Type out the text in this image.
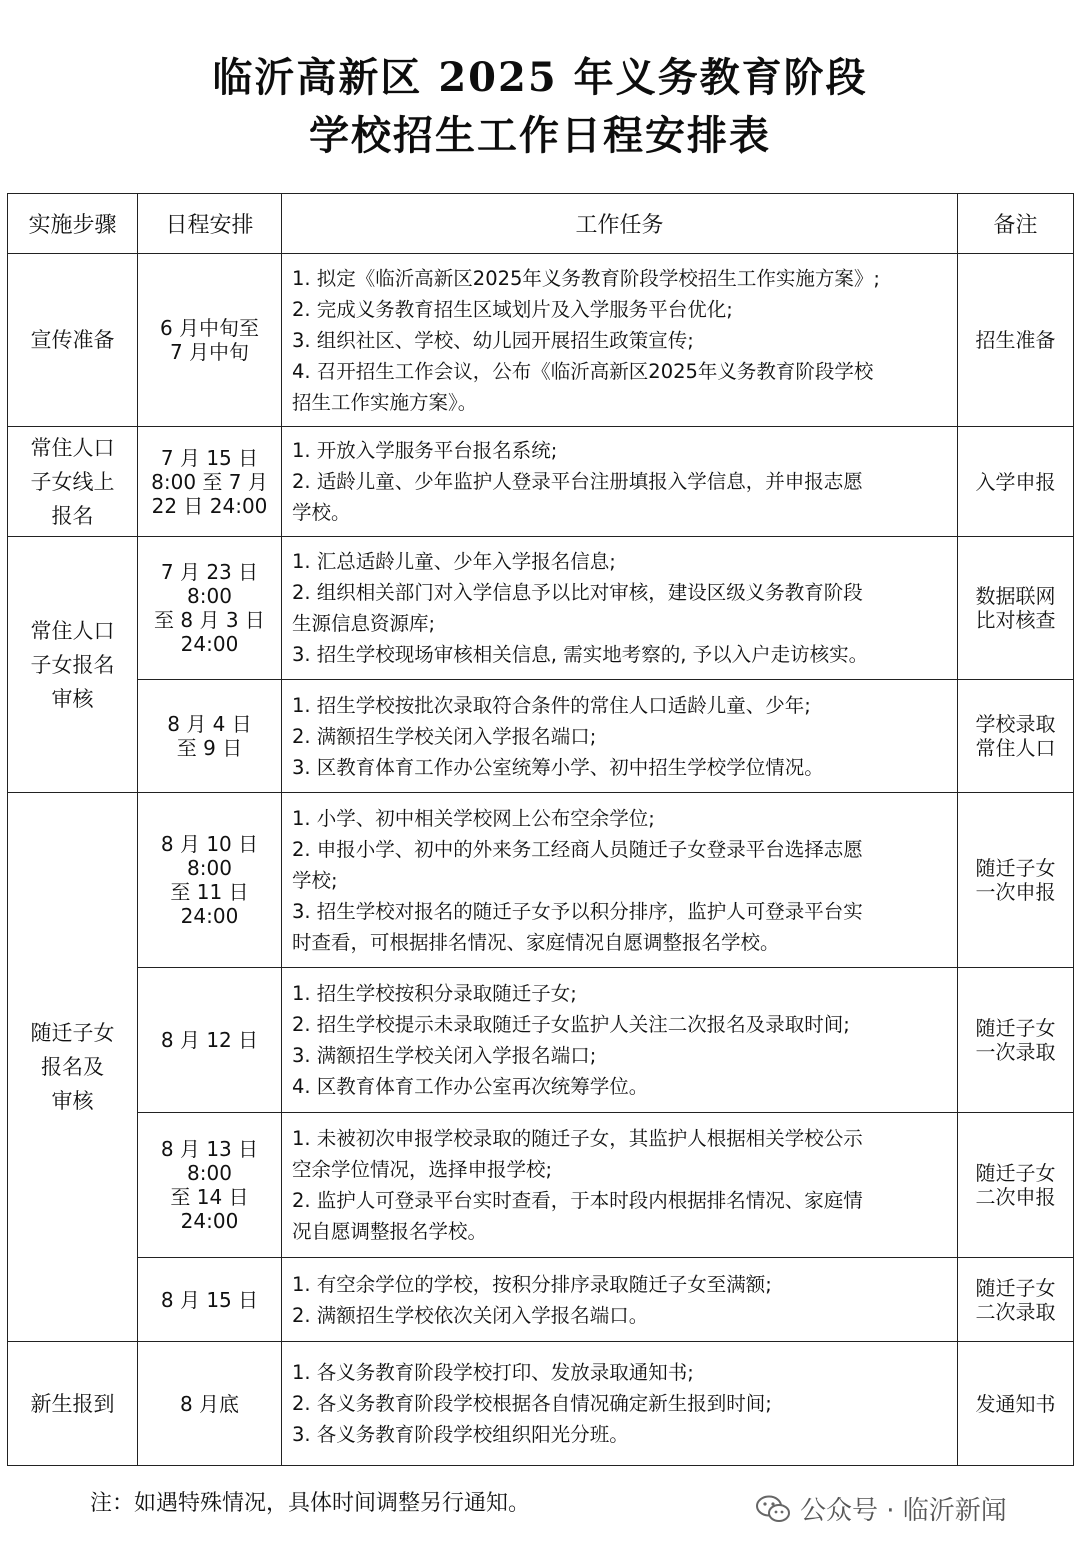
临沂高新区 2025 年义务教育阶段
学校招生工作日程安排表
实施步骤	日程安排	工作任务	备注

宣传准备	6 月中旬至
7 月中旬	1. 拟定《临沂高新区2025年义务教育阶段学校招生工作实施方案》;
2. 完成义务教育招生区域划片及入学服务平台优化;
3. 组织社区、学校、幼儿园开展招生政策宣传;
4. 召开招生工作会议，公布《临沂高新区2025年义务教育阶段学校
招生工作实施方案》。	招生准备

常住人口
子女线上
报名	7 月 15 日
8:00 至 7 月
22 日 24:00	1. 开放入学服务平台报名系统;
2. 适龄儿童、少年监护人登录平台注册填报入学信息，并申报志愿
学校。	入学申报

常住人口
子女报名
审核	7 月 23 日
8:00
至 8 月 3 日
24:00	1. 汇总适龄儿童、少年入学报名信息;
2. 组织相关部门对入学信息予以比对审核，建设区级义务教育阶段
生源信息资源库;
3. 招生学校现场审核相关信息, 需实地考察的, 予以入户走访核实。	数据联网
比对核查

	8 月 4 日
至 9 日	1. 招生学校按批次录取符合条件的常住人口适龄儿童、少年;
2. 满额招生学校关闭入学报名端口;
3. 区教育体育工作办公室统筹小学、初中招生学校学位情况。	学校录取
常住人口

随迁子女
报名及
审核	8 月 10 日
8:00
至 11 日
24:00	1. 小学、初中相关学校网上公布空余学位;
2. 申报小学、初中的外来务工经商人员随迁子女登录平台选择志愿
学校;
3. 招生学校对报名的随迁子女予以积分排序，监护人可登录平台实
时查看，可根据排名情况、家庭情况自愿调整报名学校。	随迁子女
一次申报

	8 月 12 日	1. 招生学校按积分录取随迁子女;
2. 招生学校提示未录取随迁子女监护人关注二次报名及录取时间;
3. 满额招生学校关闭入学报名端口;
4. 区教育体育工作办公室再次统筹学位。	随迁子女
一次录取

	8 月 13 日
8:00
至 14 日
24:00	1. 未被初次申报学校录取的随迁子女，其监护人根据相关学校公示
空余学位情况，选择申报学校;
2. 监护人可登录平台实时查看，于本时段内根据排名情况、家庭情
况自愿调整报名学校。	随迁子女
二次申报

	8 月 15 日	1. 有空余学位的学校，按积分排序录取随迁子女至满额;
2. 满额招生学校依次关闭入学报名端口。	随迁子女
二次录取

新生报到	8 月底	1. 各义务教育阶段学校打印、发放录取通知书;
2. 各义务教育阶段学校根据各自情况确定新生报到时间;
3. 各义务教育阶段学校组织阳光分班。	发通知书
注：如遇特殊情况，具体时间调整另行通知。	公众号 · 临沂新闻
